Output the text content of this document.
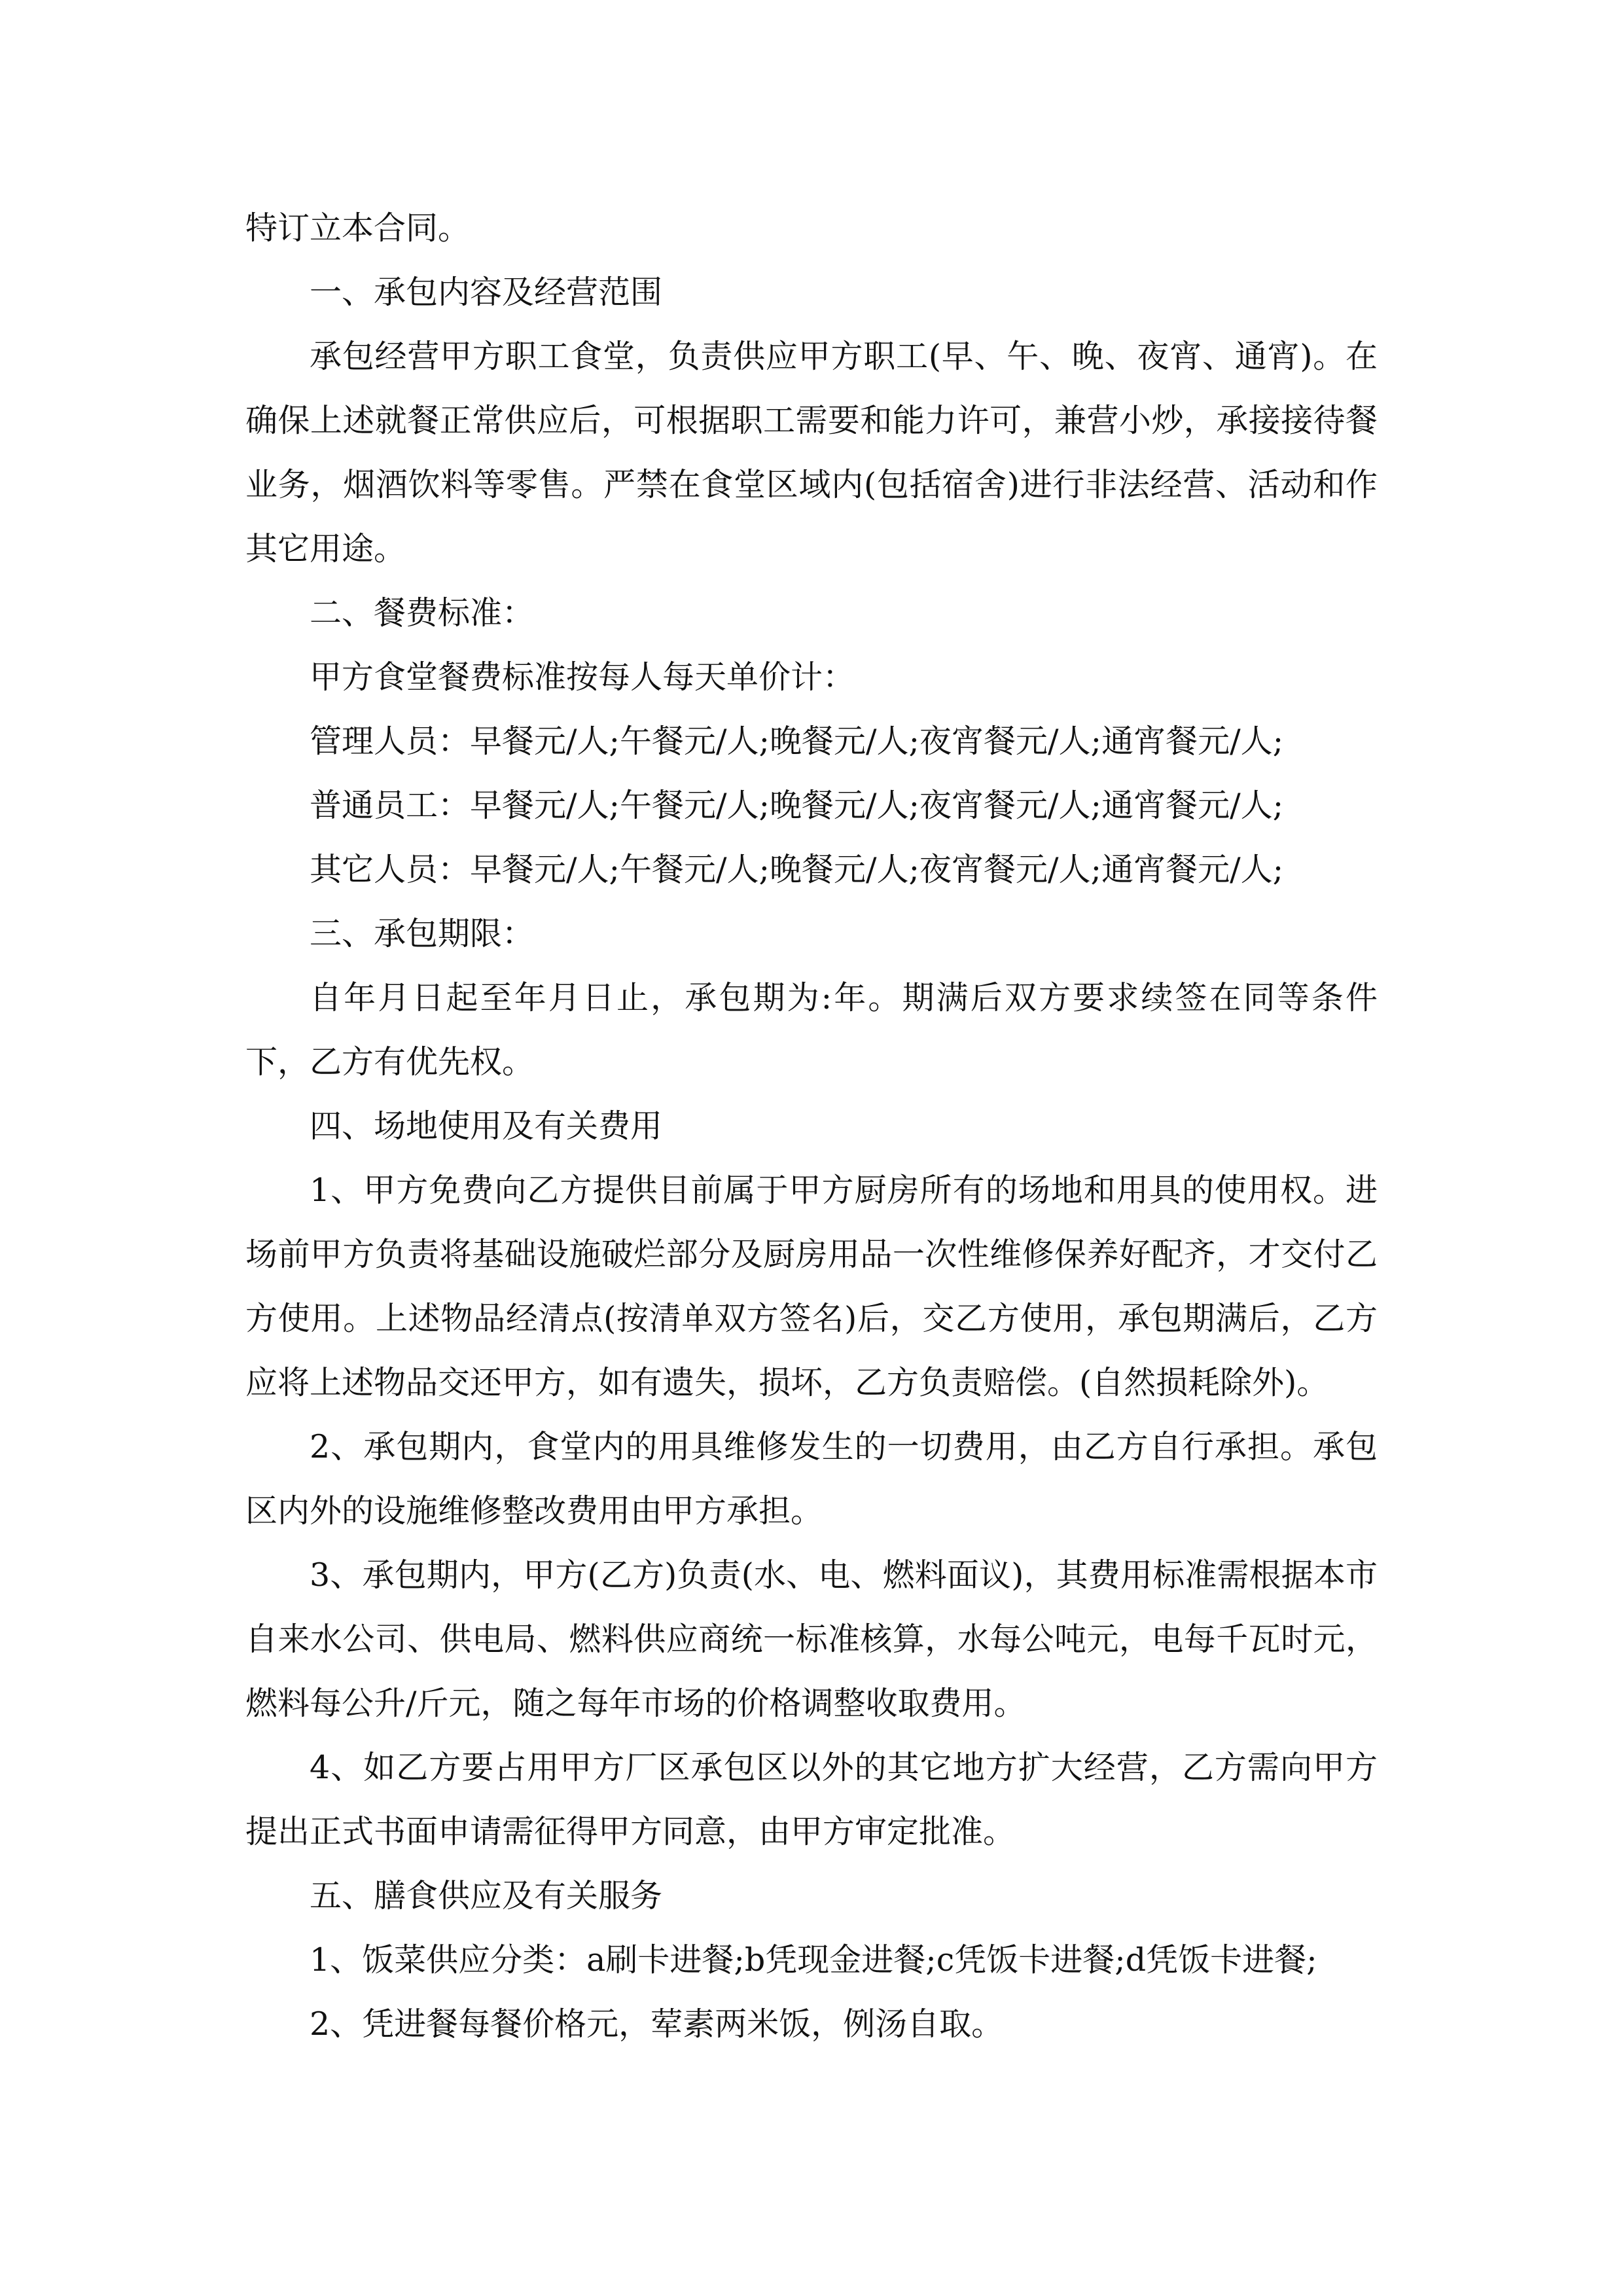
特订立本合同。

一、承包内容及经营范围

承包经营甲方职工食堂，负责供应甲方职工(早、午、晚、夜宵、通宵)。在确保上述就餐正常供应后，可根据职工需要和能力许可，兼营小炒，承接接待餐业务，烟酒饮料等零售。严禁在食堂区域内(包括宿舍)进行非法经营、活动和作其它用途。

二、餐费标准：

甲方食堂餐费标准按每人每天单价计：

管理人员：早餐元/人;午餐元/人;晚餐元/人;夜宵餐元/人;通宵餐元/人;

普通员工：早餐元/人;午餐元/人;晚餐元/人;夜宵餐元/人;通宵餐元/人;

其它人员：早餐元/人;午餐元/人;晚餐元/人;夜宵餐元/人;通宵餐元/人;

三、承包期限：

自年月日起至年月日止，承包期为:年。期满后双方要求续签在同等条件下，乙方有优先权。

四、场地使用及有关费用

1、甲方免费向乙方提供目前属于甲方厨房所有的场地和用具的使用权。进场前甲方负责将基础设施破烂部分及厨房用品一次性维修保养好配齐，才交付乙方使用。上述物品经清点(按清单双方签名)后，交乙方使用，承包期满后，乙方应将上述物品交还甲方，如有遗失，损坏，乙方负责赔偿。(自然损耗除外)。

2、承包期内，食堂内的用具维修发生的一切费用，由乙方自行承担。承包区内外的设施维修整改费用由甲方承担。

3、承包期内，甲方(乙方)负责(水、电、燃料面议)，其费用标准需根据本市自来水公司、供电局、燃料供应商统一标准核算，水每公吨元，电每千瓦时元，燃料每公升/斤元，随之每年市场的价格调整收取费用。

4、如乙方要占用甲方厂区承包区以外的其它地方扩大经营，乙方需向甲方提出正式书面申请需征得甲方同意，由甲方审定批准。

五、膳食供应及有关服务

1、饭菜供应分类：a刷卡进餐;b凭现金进餐;c凭饭卡进餐;d凭饭卡进餐;

2、凭进餐每餐价格元，荤素两米饭，例汤自取。
